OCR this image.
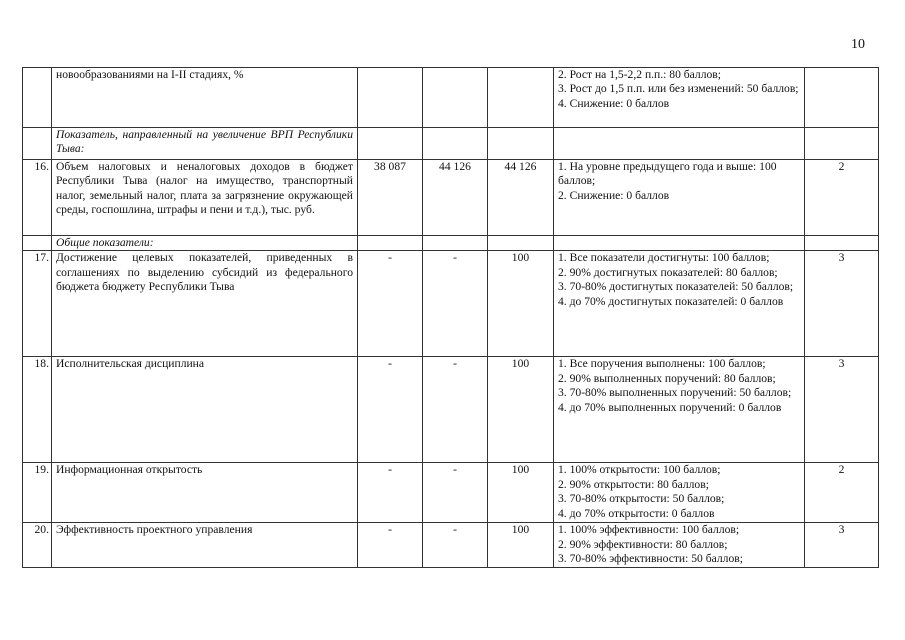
10
	новообразованиями на I-II стадиях, %				2. Рост на 1,5-2,2 п.п.: 80 баллов;
3. Рост до 1,5 п.п. или без изменений: 50 баллов;
4. Снижение: 0 баллов	

	Показатель, направленный на увеличение ВРП Республики Тыва:					
16.	Объем налоговых и неналоговых доходов в бюджет Республики Тыва (налог на имущество, транспортный налог, земельный налог, плата за загрязнение окружающей среды, госпошлина, штрафы и пени и т.д.), тыс. руб.	38 087	44 126	44 126	1. На уровне предыдущего года и выше: 100 баллов;
2. Снижение: 0 баллов	2
	Общие показатели:					
17.	Достижение целевых показателей, приведенных в соглашениях по выделению субсидий из федерального бюджета бюджету Республики Тыва	-	-	100	1. Все показатели достигнуты: 100 баллов;
2. 90% достигнутых показателей: 80 баллов;
3. 70-80% достигнутых показателей: 50 баллов;
4. до 70% достигнутых показателей: 0 баллов	3
18.	Исполнительская дисциплина	-	-	100	1. Все поручения выполнены: 100 баллов;
2. 90% выполненных поручений: 80 баллов;
3. 70-80% выполненных поручений: 50 баллов;
4. до 70% выполненных поручений: 0 баллов	3
19.	Информационная открытость	-	-	100	1. 100% открытости: 100 баллов;
2. 90% открытости: 80 баллов;
3. 70-80% открытости: 50 баллов;
4. до 70% открытости: 0 баллов	2
20.	Эффективность проектного управления	-	-	100	1. 100% эффективности: 100 баллов;
2. 90% эффективности: 80 баллов;
3. 70-80% эффективности: 50 баллов;	3
